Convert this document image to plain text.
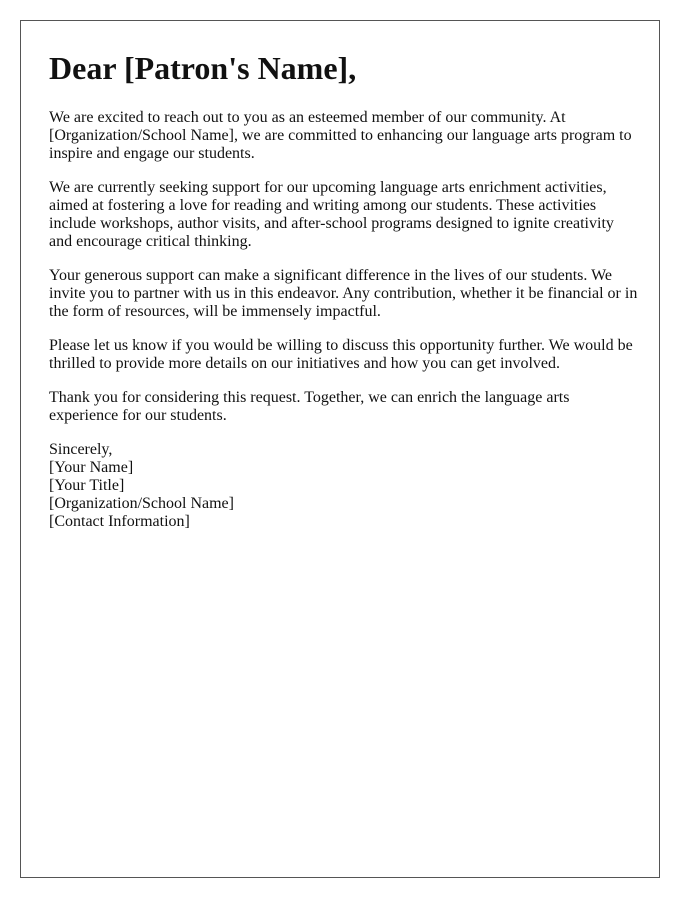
Dear [Patron's Name],

We are excited to reach out to you as an esteemed member of our community. At [Organization/School Name], we are committed to enhancing our language arts program to inspire and engage our students.

We are currently seeking support for our upcoming language arts enrichment activities, aimed at fostering a love for reading and writing among our students. These activities include workshops, author visits, and after-school programs designed to ignite creativity and encourage critical thinking.

Your generous support can make a significant difference in the lives of our students. We invite you to partner with us in this endeavor. Any contribution, whether it be financial or in the form of resources, will be immensely impactful.

Please let us know if you would be willing to discuss this opportunity further. We would be thrilled to provide more details on our initiatives and how you can get involved.

Thank you for considering this request. Together, we can enrich the language arts experience for our students.

Sincerely,
[Your Name]
[Your Title]
[Organization/School Name]
[Contact Information]
